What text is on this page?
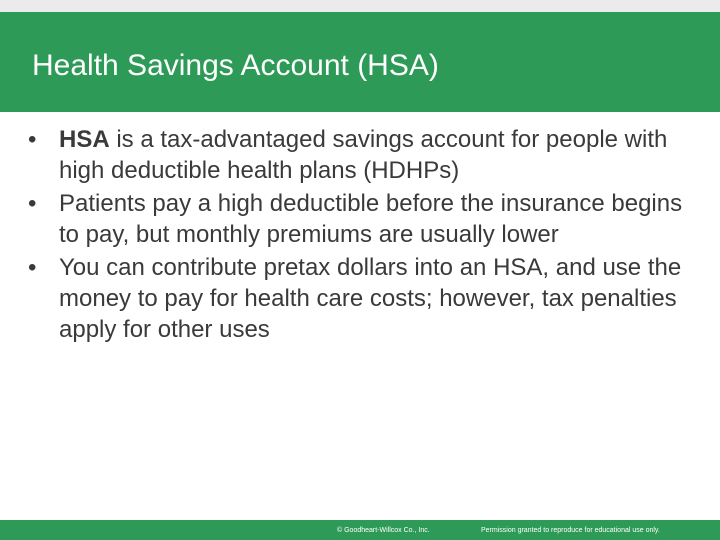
Health Savings Account (HSA)
• HSA is a tax-advantaged savings account for people with high deductible health plans (HDHPs)
• Patients pay a high deductible before the insurance begins to pay, but monthly premiums are usually lower
• You can contribute pretax dollars into an HSA, and use the money to pay for health care costs; however, tax penalties apply for other uses
© Goodheart-Willcox Co., Inc.	Permission granted to reproduce for educational use only.
